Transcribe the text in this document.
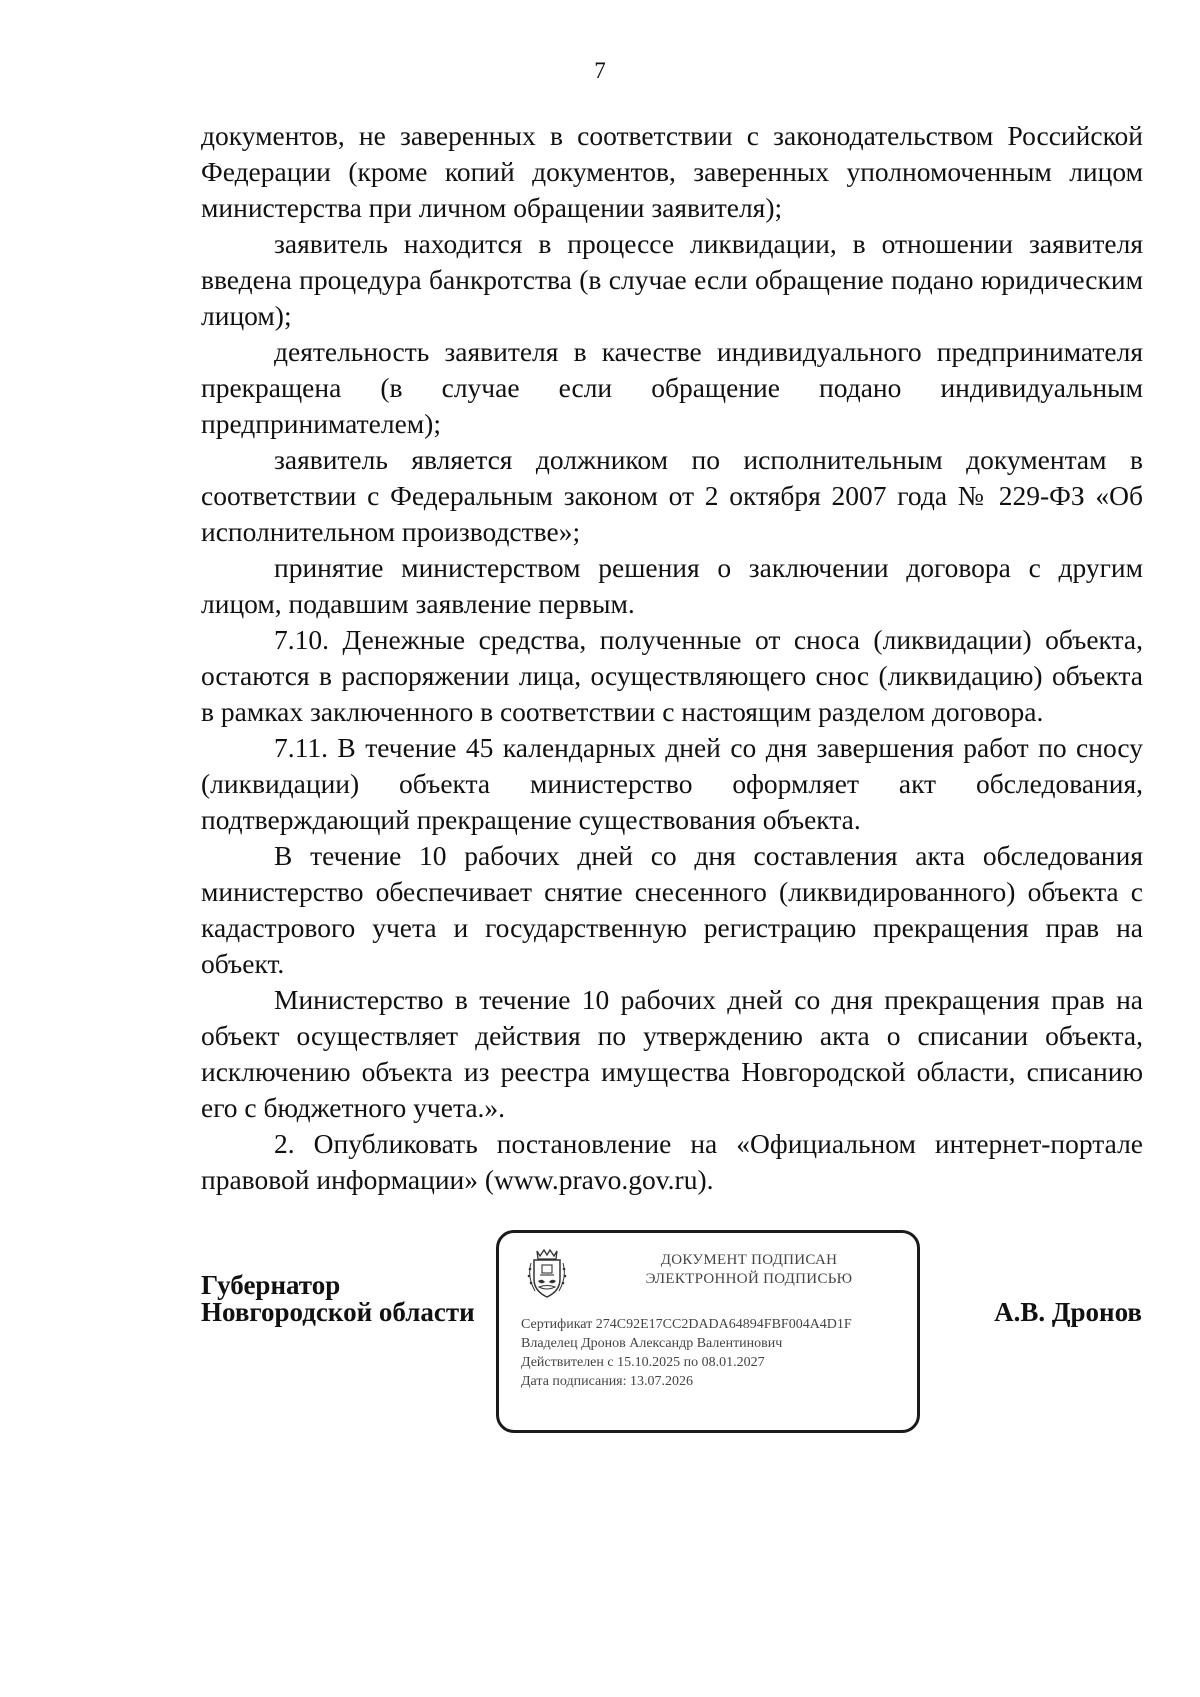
7

документов, не заверенных в соответствии с законодательством Российской Федерации (кроме копий документов, заверенных уполномоченным лицом министерства при личном обращении заявителя);

заявитель находится в процессе ликвидации, в отношении заявителя введена процедура банкротства (в случае если обращение подано юридическим лицом);

деятельность заявителя в качестве индивидуального предпринимателя прекращена (в случае если обращение подано индивидуальным предпринимателем);

заявитель является должником по исполнительным документам в соответствии с Федеральным законом от 2 октября 2007 года № 229-ФЗ «Об исполнительном производстве»;

принятие министерством решения о заключении договора с другим лицом, подавшим заявление первым.

7.10. Денежные средства, полученные от сноса (ликвидации) объекта, остаются в распоряжении лица, осуществляющего снос (ликвидацию) объекта в рамках заключенного в соответствии с настоящим разделом договора.

7.11. В течение 45 календарных дней со дня завершения работ по сносу (ликвидации) объекта министерство оформляет акт обследования, подтверждающий прекращение существования объекта.

В течение 10 рабочих дней со дня составления акта обследования министерство обеспечивает снятие снесенного (ликвидированного) объекта с кадастрового учета и государственную регистрацию прекращения прав на объект.

Министерство в течение 10 рабочих дней со дня прекращения прав на объект осуществляет действия по утверждению акта о списании объекта, исключению объекта из реестра имущества Новгородской области, списанию его с бюджетного учета.».

2. Опубликовать постановление на «Официальном интернет-портале правовой информации» (www.pravo.gov.ru).

Губернатор
Новгородской области
ДОКУМЕНТ ПОДПИСАН
ЭЛЕКТРОННОЙ ПОДПИСЬЮ
Сертификат 274C92E17CC2DADA64894FBF004A4D1F
Владелец Дронов Александр Валентинович
Действителен с 15.10.2025 по 08.01.2027
Дата подписания: 13.07.2026
А.В. Дронов
